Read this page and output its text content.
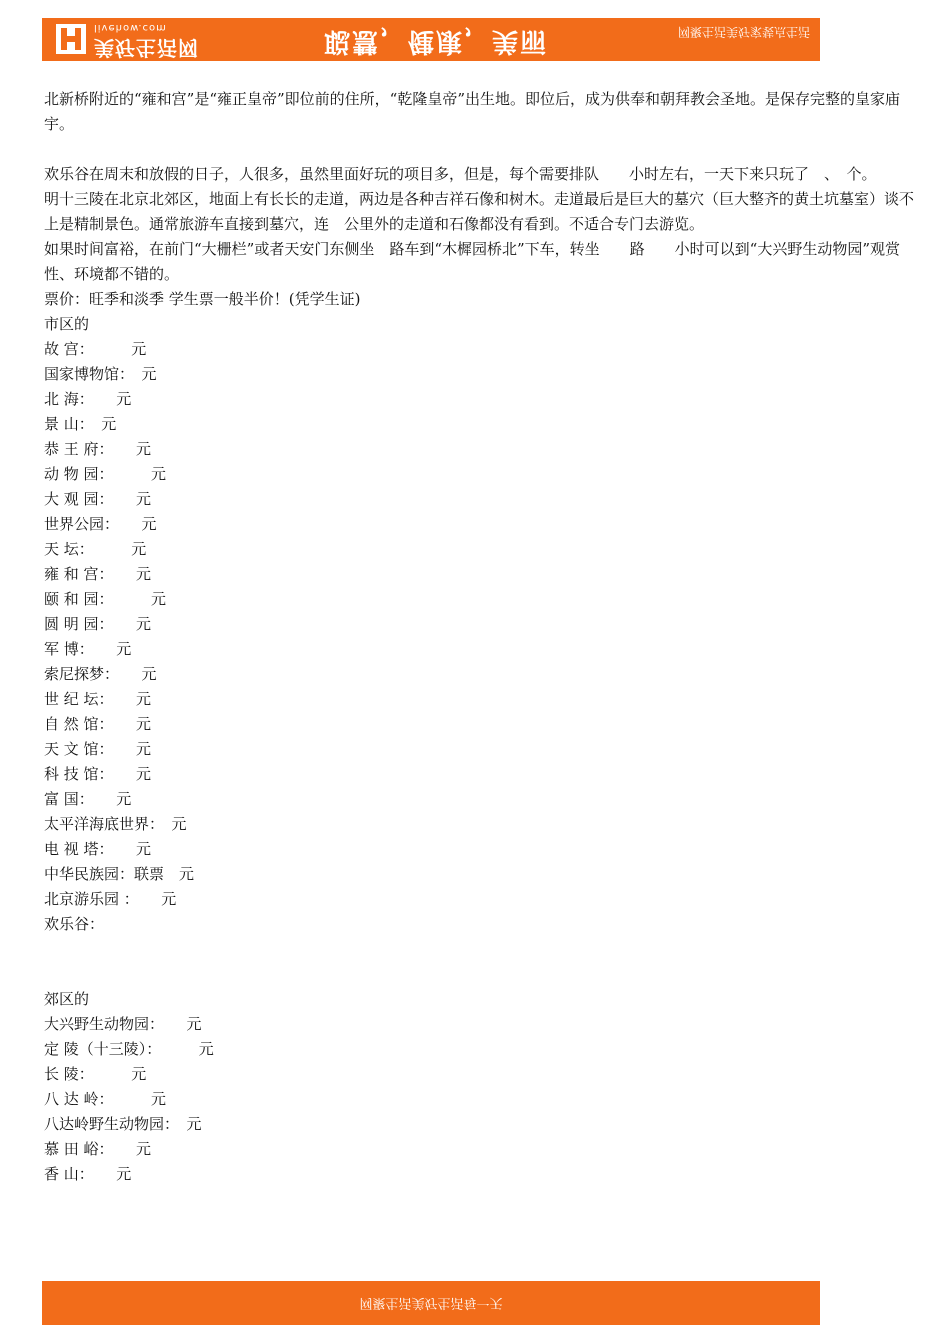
livehow.com
美好生活网	聪慧，健康，美丽	网聚生活美好家装点生活

北新桥附近的“雍和宫”是“雍正皇帝”即位前的住所，“乾隆皇帝”出生地。即位后，成为供奉和朝拜教会圣地。是保存完整的皇家庙宇。

欢乐谷在周末和放假的日子，人很多，虽然里面好玩的项目多，但是，每个需要排队　　小时左右，一天下来只玩了　、　个。

明十三陵在北京北郊区，地面上有长长的走道，两边是各种吉祥石像和树木。走道最后是巨大的墓穴（巨大整齐的黄土坑墓室）谈不上是精制景色。通常旅游车直接到墓穴，连　公里外的走道和石像都没有看到。不适合专门去游览。

如果时间富裕，在前门“大栅栏”或者天安门东侧坐　路车到“木樨园桥北”下车，转坐　　路　　小时可以到“大兴野生动物园”观赏性、环境都不错的。

票价：旺季和淡季 学生票一般半价！(凭学生证)

市区的

故 宫：　　　元

国家博物馆：　元

北 海：　　元

景 山：　元

恭 王 府：　　元

动 物 园：　　　元

大 观 园：　　元

世界公园：　　元

天 坛：　　　元

雍 和 宫：　　元

颐 和 园：　　　元

圆 明 园：　　元

军 博：　　元

索尼探梦：　　元

世 纪 坛：　　元

自 然 馆：　　元

天 文 馆：　　元

科 技 馆：　　元

富 国：　　元

太平洋海底世界：　元

电 视 塔：　　元

中华民族园：联票　元

北京游乐园 ：　　元

欢乐谷：

郊区的

大兴野生动物园：　　元

定 陵（十三陵）：　　　元

长 陵：　　　元

八 达 岭：　　　元

八达岭野生动物园：　元

慕 田 峪：　　元

香 山：　　元

网聚生活美好生活每一天
